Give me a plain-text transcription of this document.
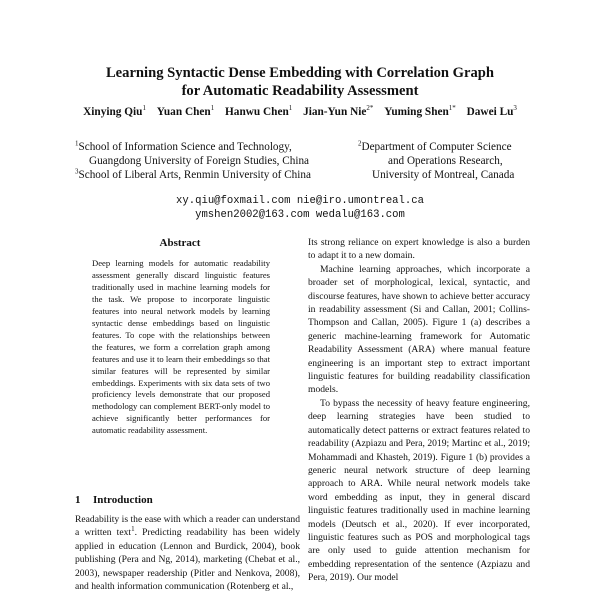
Learning Syntactic Dense Embedding with Correlation Graph
for Automatic Readability Assessment
Xinying Qiu$^1$ Yuan Chen$^1$ Hanwu Chen$^1$ Jian-Yun Nie$^{2*}$ Yuming Shen$^{1*}$ Dawei Lu$^3$
$^1$School of Information Science and Technology,
Guangdong University of Foreign Studies, China
$^3$School of Liberal Arts, Renmin University of China
$^2$Department of Computer Science
and Operations Research,
University of Montreal, Canada
xy.qiu@foxmail.com nie@iro.umontreal.ca
ymshen2002@163.com wedalu@163.com
Abstract
Deep learning models for automatic readability assessment generally discard linguistic features traditionally used in machine learning models for the task. We propose to incorporate linguistic features into neural network models by learning syntactic dense embeddings based on linguistic features. To cope with the relationships between the features, we form a correlation graph among features and use it to learn their embeddings so that similar features will be represented by similar embeddings. Experiments with six data sets of two proficiency levels demonstrate that our proposed methodology can complement BERT-only model to achieve significantly better performances for automatic readability assessment.
1 Introduction
Readability is the ease with which a reader can understand a written text$^1$. Predicting readability has been widely applied in education (Lennon and Burdick, 2004), book publishing (Pera and Ng, 2014), marketing (Chebat et al., 2003), newspaper readership (Pitler and Nenkova, 2008), and health information communication (Rotenberg et al.,

Its strong reliance on expert knowledge is also a burden to adapt it to a new domain.

Machine learning approaches, which incorporate a broader set of morphological, lexical, syntactic, and discourse features, have shown to achieve better accuracy in readability assessment (Si and Callan, 2001; Collins-Thompson and Callan, 2005). Figure 1 (a) describes a generic machine-learning framework for Automatic Readability Assessment (ARA) where manual feature engineering is an important step to extract important linguistic features for building readability classification models.

To bypass the necessity of heavy feature engineering, deep learning strategies have been studied to automatically detect patterns or extract features related to readability (Azpiazu and Pera, 2019; Martinc et al., 2019; Mohammadi and Khasteh, 2019). Figure 1 (b) provides a generic neural network structure of deep learning approach to ARA. While neural network models take word embedding as input, they in general discard linguistic features traditionally used in machine learning models (Deutsch et al., 2020). If ever incorporated, linguistic features such as POS and morphological tags are only used to guide attention mechanism for embedding representation of the sentence (Azpiazu and Pera, 2019). Our model
